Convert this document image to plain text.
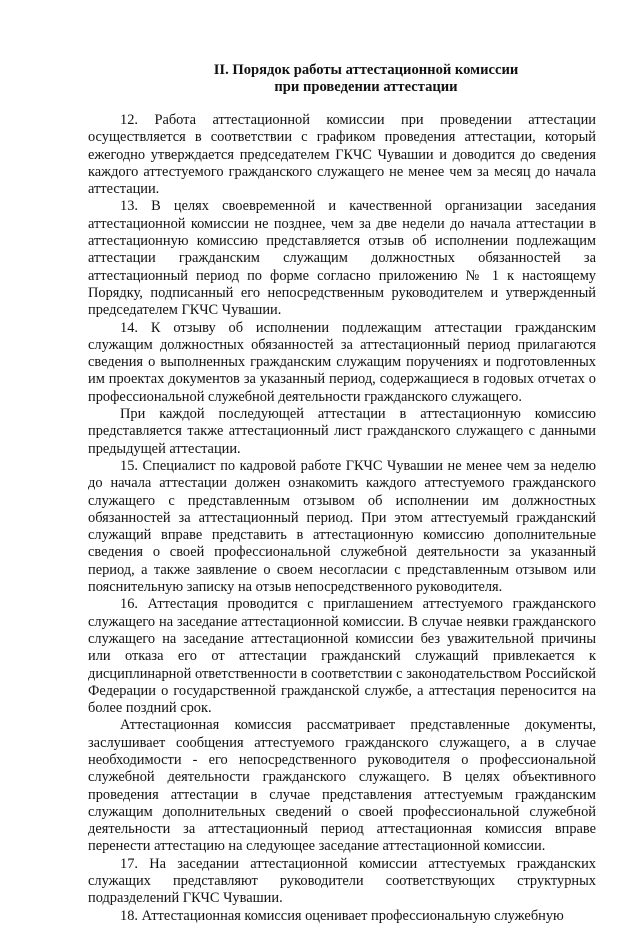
II. Порядок работы аттестационной комиссии
при проведении аттестации

12. Работа аттестационной комиссии при проведении аттестации осуществляется в соответствии с графиком проведения аттестации, который ежегодно утверждается председателем ГКЧС Чувашии и доводится до сведения каждого аттестуемого гражданского служащего не менее чем за месяц до начала аттестации.

13. В целях своевременной и качественной организации заседания аттестационной комиссии не позднее, чем за две недели до начала аттестации в аттестационную комиссию представляется отзыв об исполнении подлежащим аттестации гражданским служащим должностных обязанностей за аттестационный период по форме согласно приложению № 1 к настоящему Порядку, подписанный его непосредственным руководителем и утвержденный председателем ГКЧС Чувашии.

14. К отзыву об исполнении подлежащим аттестации гражданским служащим должностных обязанностей за аттестационный период прилагаются сведения о выполненных гражданским служащим поручениях и подготовленных им проектах документов за указанный период, содержащиеся в годовых отчетах о профессиональной служебной деятельности гражданского служащего.

При каждой последующей аттестации в аттестационную комиссию представляется также аттестационный лист гражданского служащего с данными предыдущей аттестации.

15. Специалист по кадровой работе ГКЧС Чувашии не менее чем за неделю до начала аттестации должен ознакомить каждого аттестуемого гражданского служащего с представленным отзывом об исполнении им должностных обязанностей за аттестационный период. При этом аттестуемый гражданский служащий вправе представить в аттестационную комиссию дополнительные сведения о своей профессиональной служебной деятельности за указанный период, а также заявление о своем несогласии с представленным отзывом или пояснительную записку на отзыв непосредственного руководителя.

16. Аттестация проводится с приглашением аттестуемого гражданского служащего на заседание аттестационной комиссии. В случае неявки гражданского служащего на заседание аттестационной комиссии без уважительной причины или отказа его от аттестации гражданский служащий привлекается к дисциплинарной ответственности в соответствии с законодательством Российской Федерации о государственной гражданской службе, а аттестация переносится на более поздний срок.

Аттестационная комиссия рассматривает представленные документы, заслушивает сообщения аттестуемого гражданского служащего, а в случае необходимости - его непосредственного руководителя о профессиональной служебной деятельности гражданского служащего. В целях объективного проведения аттестации в случае представления аттестуемым гражданским служащим дополнительных сведений о своей профессиональной служебной деятельности за аттестационный период аттестационная комиссия вправе перенести аттестацию на следующее заседание аттестационной комиссии.

17. На заседании аттестационной комиссии аттестуемых гражданских служащих представляют руководители соответствующих структурных подразделений ГКЧС Чувашии.

18. Аттестационная комиссия оценивает профессиональную служебную
